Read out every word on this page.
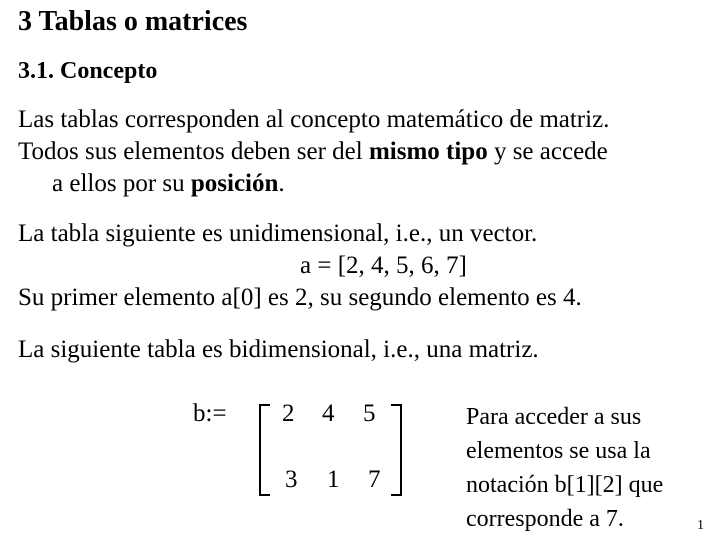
3 Tablas o matrices
3.1. Concepto
Las tablas corresponden al concepto matemático de matriz.
Todos sus elementos deben ser del mismo tipo y se accede
a ellos por su posición.
La tabla siguiente es unidimensional, i.e., un vector.
a = [2, 4, 5, 6, 7]
Su primer elemento a[0] es 2, su segundo elemento es 4.
La siguiente tabla es bidimensional, i.e., una matriz.
b:= 2 4 5
3 1 7
Para acceder a sus
elementos se usa la
notación b[1][2] que
corresponde a 7.	1
